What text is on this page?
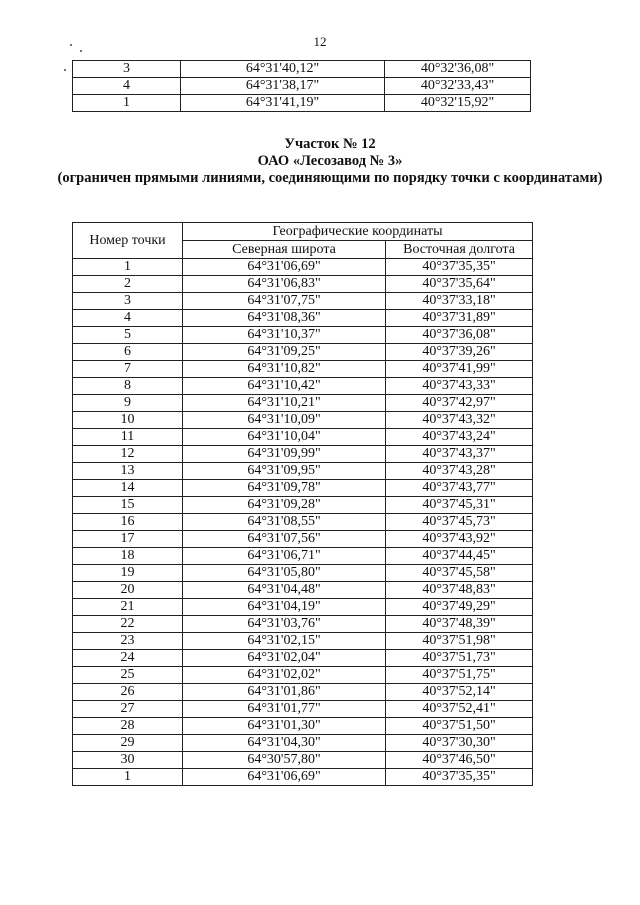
12
3	64°31'40,12"	40°32'36,08"
4	64°31'38,17"	40°32'33,43"
1	64°31'41,19"	40°32'15,92"
Участок № 12
ОАО «Лесозавод № 3»
(ограничен прямыми линиями, соединяющими по порядку точки с координатами)
Номер точки	Географические координаты	
	Северная широта	Восточная долгота
1	64°31'06,69"	40°37'35,35"
2	64°31'06,83"	40°37'35,64"
3	64°31'07,75"	40°37'33,18"
4	64°31'08,36"	40°37'31,89"
5	64°31'10,37"	40°37'36,08"
6	64°31'09,25"	40°37'39,26"
7	64°31'10,82"	40°37'41,99"
8	64°31'10,42"	40°37'43,33"
9	64°31'10,21"	40°37'42,97"
10	64°31'10,09"	40°37'43,32"
11	64°31'10,04"	40°37'43,24"
12	64°31'09,99"	40°37'43,37"
13	64°31'09,95"	40°37'43,28"
14	64°31'09,78"	40°37'43,77"
15	64°31'09,28"	40°37'45,31"
16	64°31'08,55"	40°37'45,73"
17	64°31'07,56"	40°37'43,92"
18	64°31'06,71"	40°37'44,45"
19	64°31'05,80"	40°37'45,58"
20	64°31'04,48"	40°37'48,83"
21	64°31'04,19"	40°37'49,29"
22	64°31'03,76"	40°37'48,39"
23	64°31'02,15"	40°37'51,98"
24	64°31'02,04"	40°37'51,73"
25	64°31'02,02"	40°37'51,75"
26	64°31'01,86"	40°37'52,14"
27	64°31'01,77"	40°37'52,41"
28	64°31'01,30"	40°37'51,50"
29	64°31'04,30"	40°37'30,30"
30	64°30'57,80"	40°37'46,50"
1	64°31'06,69"	40°37'35,35"
